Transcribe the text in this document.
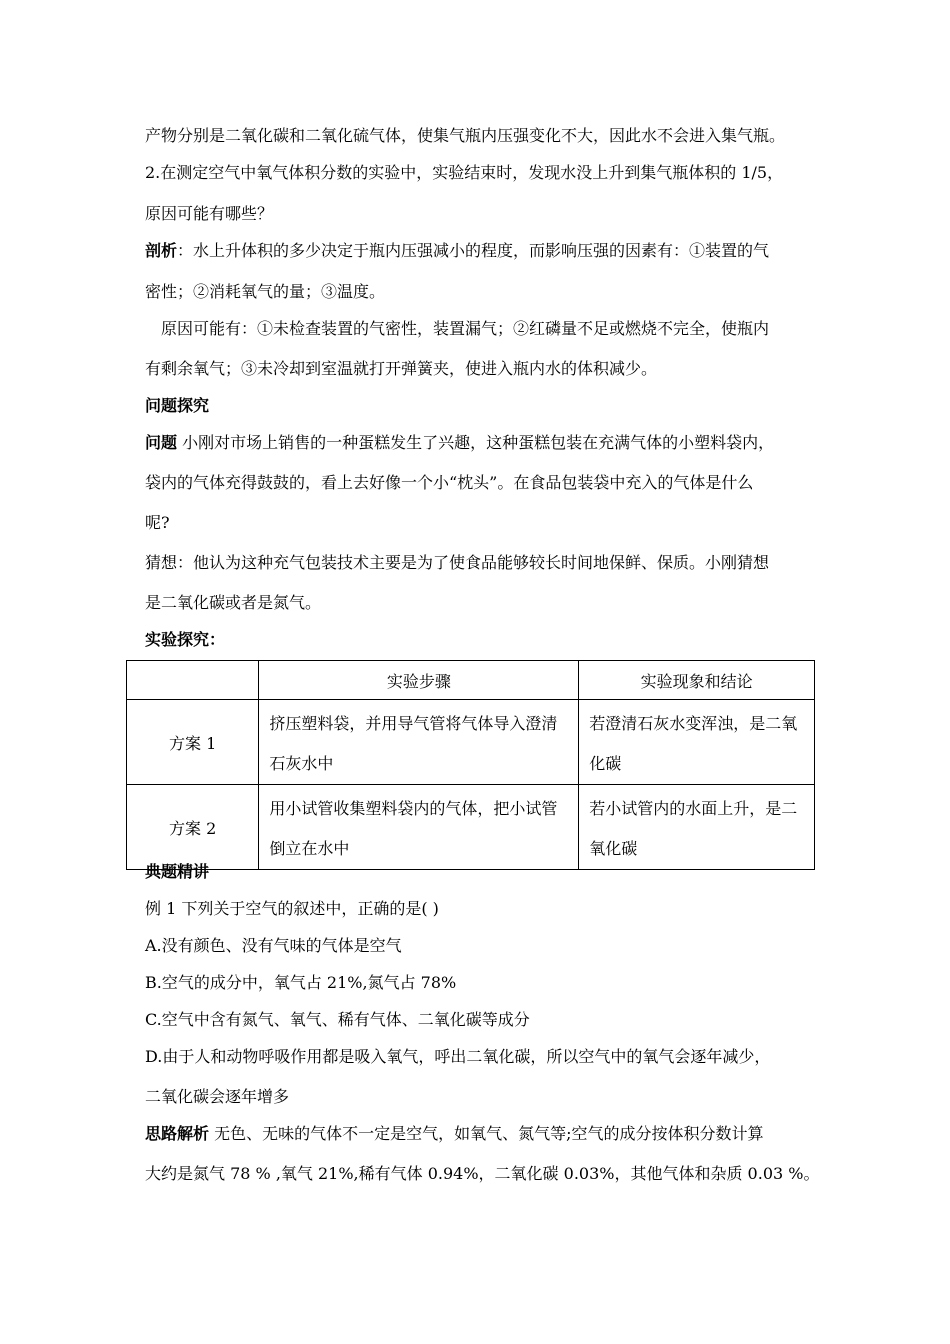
产物分别是二氧化碳和二氧化硫气体，使集气瓶内压强变化不大，因此水不会进入集气瓶。
2.在测定空气中氧气体积分数的实验中，实验结束时，发现水没上升到集气瓶体积的 1/5，
原因可能有哪些？
剖析：水上升体积的多少决定于瓶内压强减小的程度，而影响压强的因素有：①装置的气
密性；②消耗氧气的量；③温度。
原因可能有：①未检查装置的气密性，装置漏气；②红磷量不足或燃烧不完全，使瓶内
有剩余氧气；③未冷却到室温就打开弹簧夹，使进入瓶内水的体积减少。
问题探究
问题 小刚对市场上销售的一种蛋糕发生了兴趣，这种蛋糕包装在充满气体的小塑料袋内，
袋内的气体充得鼓鼓的，看上去好像一个小“枕头”。在食品包装袋中充入的气体是什么
呢?
猜想：他认为这种充气包装技术主要是为了使食品能够较长时间地保鲜、保质。小刚猜想
是二氧化碳或者是氮气。
实验探究：
	实验步骤	实验现象和结论
方案 1	挤压塑料袋，并用导气管将气体导入澄清石灰水中	若澄清石灰水变浑浊，是二氧化碳

方案 2	用小试管收集塑料袋内的气体，把小试管倒立在水中	若小试管内的水面上升，是二氧化碳
典题精讲
例 1 下列关于空气的叙述中，正确的是( )
A.没有颜色、没有气味的气体是空气
B.空气的成分中，氧气占 21%,氮气占 78%
C.空气中含有氮气、氧气、稀有气体、二氧化碳等成分
D.由于人和动物呼吸作用都是吸入氧气，呼出二氧化碳，所以空气中的氧气会逐年减少，
二氧化碳会逐年增多
思路解析 无色、无味的气体不一定是空气，如氧气、氮气等;空气的成分按体积分数计算
大约是氮气 78 % ,氧气 21%,稀有气体 0.94%，二氧化碳 0.03%，其他气体和杂质 0.03 %。
